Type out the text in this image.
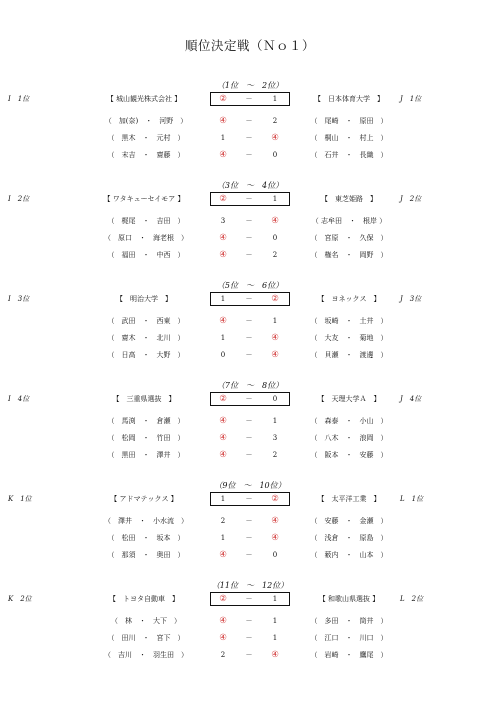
順位決定戦（Ｎｏ１）
（1位　～　2位）
I　1位	【 城山観光株式会社 】	②	－	1	【　日本体育大学　】	J　1位
（　加(奈)　・　河野　）	④	－	2	（　尾崎　・　原田　）
（　黒木　・　元村　）	1	－	④	（　桐山　・　村上　）
（　末吉　・　齋藤　）	④	－	0	（　石井　・　長織　）
（3位　～　4位）
I　2位	【 ワタキューセイモア 】	②	－	1	【　東芝姫路　】	J　2位
（　梶尾　・　吉田　）	3	－	④	（ 志牟田　・　根岸 ）
（　原口　・　海老根　）	④	－	0	（　宮原　・　久保　）
（　福田　・　中西　）	④	－	2	（　権名　・　岡野　）
（5位　～　6位）
I　3位	【　明治大学　】	1	－	②	【　ヨネックス　】	J　3位
（　武田　・　西東　）	④	－	1	（　坂崎　・　土井　）
（　齋木　・　北川　）	1	－	④	（　大友　・　菊地　）
（　日高　・　大野　）	0	－	④	（　貝瀬　・　渡邊　）
（7位　～　8位）
I　4位	【　三重県選抜　】	②	－	0	【　天理大学Ａ　】	J　4位
（　馬渕　・　倉瀬　）	④	－	1	（　森泰　・　小山　）
（　松岡　・　竹田　）	④	－	3	（　八木　・　浪岡　）
（　黒田　・　澤井　）	④	－	2	（　阪本　・　安藤　）
（9位　～　10位）
K　1位	【 アドマテックス 】	1	－	②	【　太平洋工業　】	L　1位
（　澤井　・　小水流　）	2	－	④	（　安藤　・　金瀬　）
（　松田　・　坂本　）	1	－	④	（　浅倉　・　原島　）
（　那須　・　奥田　）	④	－	0	（　薮内　・　山本　）
（11位　～　12位）
K　2位	【　トヨタ自動車　】	②	－	1	【 和歌山県選抜 】	L　2位
（　林　・　大下　）	④	－	1	（　多田　・　筒井　）
（　田川　・　宮下　）	④	－	1	（　江口　・　川口　）
（　吉川　・　羽生田　）	2	－	④	（　岩崎　・　鷹尾　）
